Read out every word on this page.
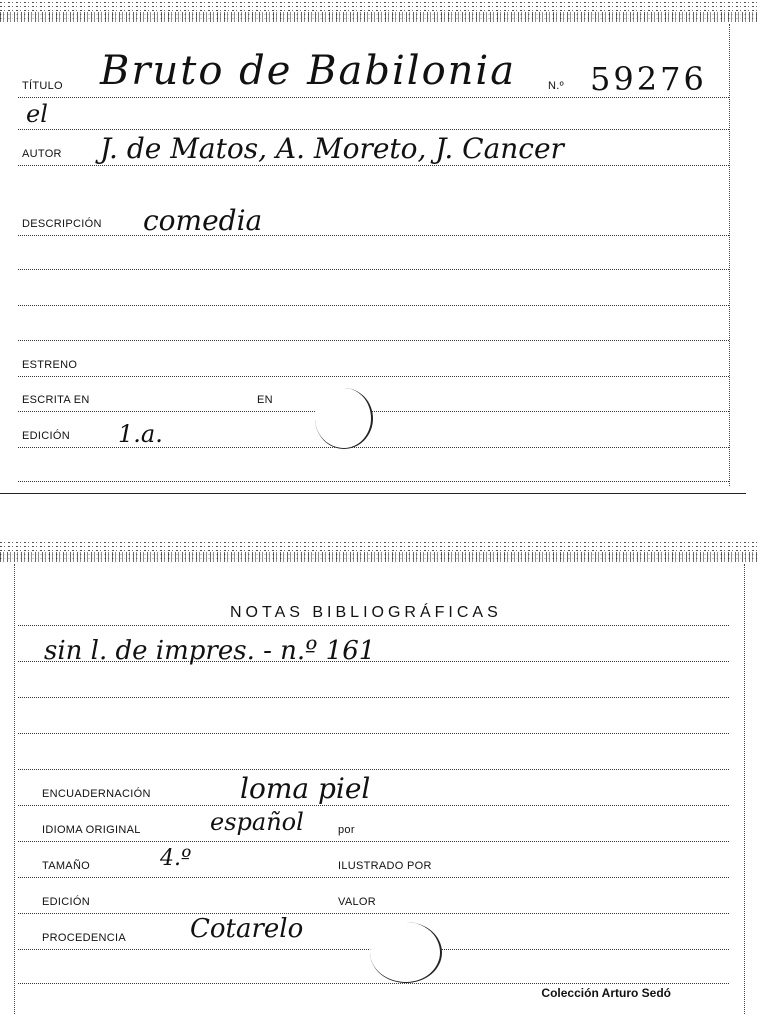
TÍTULO Bruto de Babilonia	N.º 59276
el
AUTOR J. de Matos, A. Moreto, J. Cancer
DESCRIPCIÓN comedia
ESTRENO
ESCRITA EN	EN
EDICIÓN 1.a.
NOTAS BIBLIOGRÁFICAS
sin l. de impres. - n.º 161
ENCUADERNACIÓN	loma piel
IDIOMA ORIGINAL	español	por
TAMAÑO	4.º	ILUSTRADO POR
EDICIÓN	VALOR
PROCEDENCIA Cotarelo
Colección Arturo Sedó
